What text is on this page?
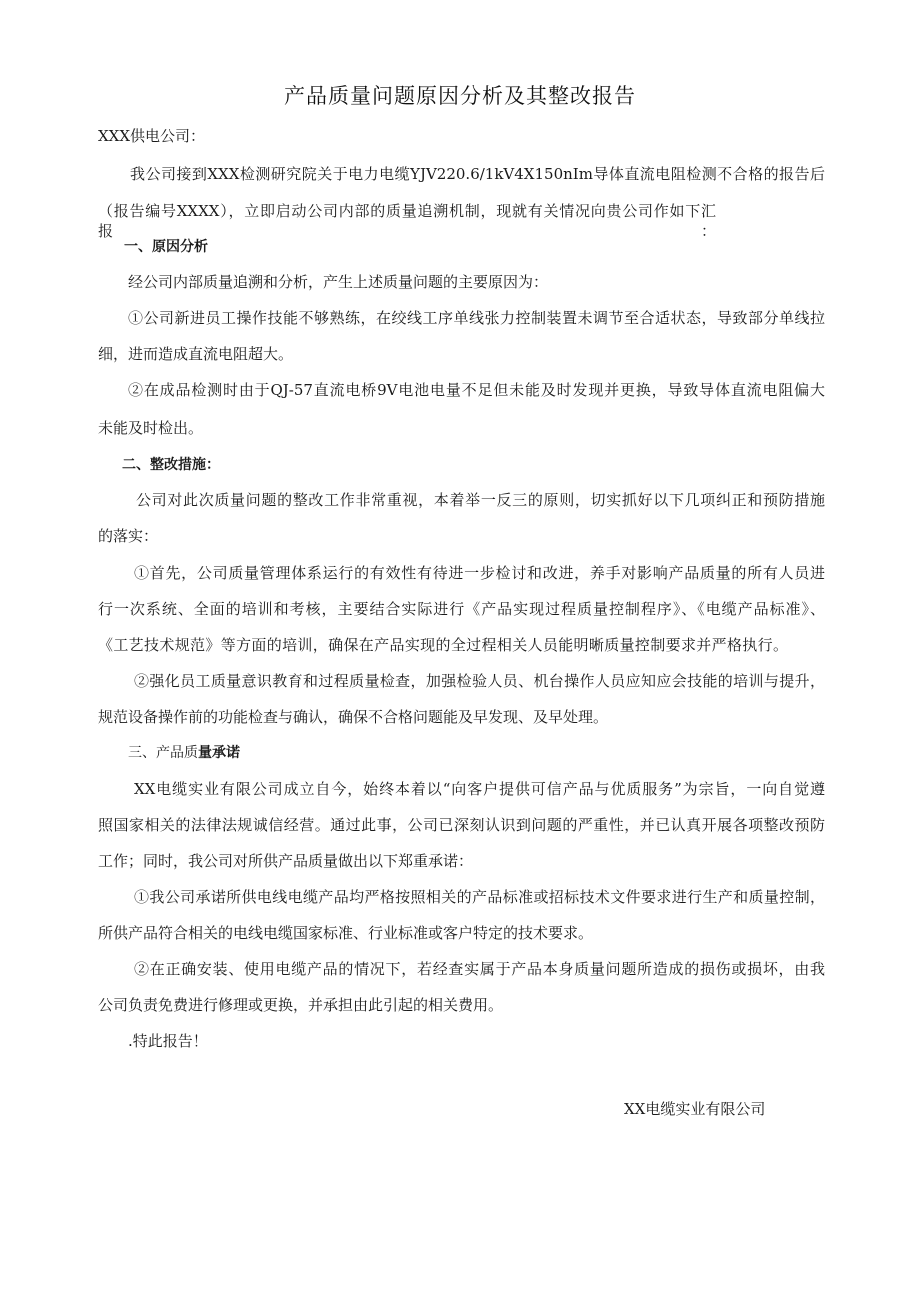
产品质量问题原因分析及其整改报告
XXX供电公司：
我公司接到XXX检测研究院关于电力电缆YJV220.6/1kV4X150nIm导体直流电阻检测不合格的报告后
（报告编号XXXX），立即启动公司内部的质量追溯机制，现就有关情况向贵公司作如下汇报：
一、原因分析
经公司内部质量追溯和分析，产生上述质量问题的主要原因为：
①公司新进员工操作技能不够熟练，在绞线工序单线张力控制装置未调节至合适状态，导致部分单线拉
细，进而造成直流电阻超大。
②在成品检测时由于QJ-57直流电桥9V电池电量不足但未能及时发现并更换，导致导体直流电阻偏大
未能及时检出。
二、整改措施：
公司对此次质量问题的整改工作非常重视，本着举一反三的原则，切实抓好以下几项纠正和预防措施
的落实：
①首先，公司质量管理体系运行的有效性有待进一步检讨和改进，养手对影响产品质量的所有人员进
行一次系统、全面的培训和考核，主要结合实际进行《产品实现过程质量控制程序》、《电缆产品标准》、
《工艺技术规范》等方面的培训，确保在产品实现的全过程相关人员能明晰质量控制要求并严格执行。
②强化员工质量意识教育和过程质量检查，加强检验人员、机台操作人员应知应会技能的培训与提升，
规范设备操作前的功能检查与确认，确保不合格问题能及早发现、及早处理。
三、产品质量承诺
XX电缆实业有限公司成立自今，始终本着以“向客户提供可信产品与优质服务”为宗旨，一向自觉遵
照国家相关的法律法规诚信经营。通过此事，公司已深刻认识到问题的严重性，并已认真开展各项整改预防
工作；同时，我公司对所供产品质量做出以下郑重承诺：
①我公司承诺所供电线电缆产品均严格按照相关的产品标准或招标技术文件要求进行生产和质量控制，
所供产品符合相关的电线电缆国家标准、行业标准或客户特定的技术要求。
②在正确安装、使用电缆产品的情况下，若经查实属于产品本身质量问题所造成的损伤或损坏，由我
公司负责免费进行修理或更换，并承担由此引起的相关费用。
.特此报告！
XX电缆实业有限公司
